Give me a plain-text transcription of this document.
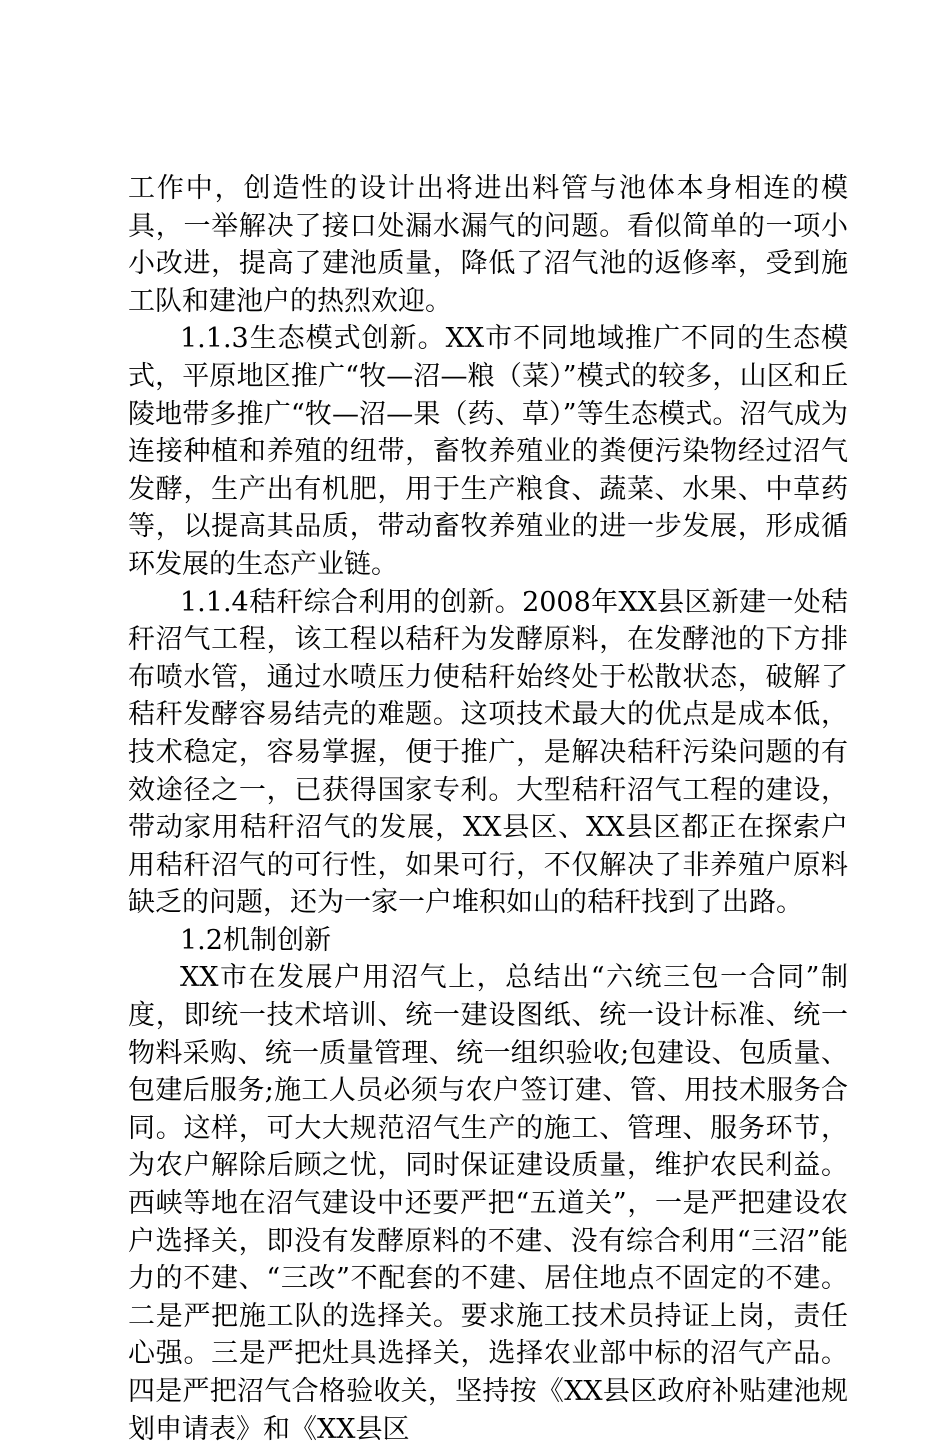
工作中，创造性的设计出将进出料管与池体本身相连的模具，一举解决了接口处漏水漏气的问题。看似简单的一项小小改进，提高了建池质量，降低了沼气池的返修率，受到施工队和建池户的热烈欢迎。

1.1.3生态模式创新。XX市不同地域推广不同的生态模式，平原地区推广“牧—沼—粮（菜）”模式的较多，山区和丘陵地带多推广“牧—沼—果（药、草）”等生态模式。沼气成为连接种植和养殖的纽带，畜牧养殖业的粪便污染物经过沼气发酵，生产出有机肥，用于生产粮食、蔬菜、水果、中草药等，以提高其品质，带动畜牧养殖业的进一步发展，形成循环发展的生态产业链。

1.1.4秸秆综合利用的创新。2008年XX县区新建一处秸秆沼气工程，该工程以秸秆为发酵原料，在发酵池的下方排布喷水管，通过水喷压力使秸秆始终处于松散状态，破解了秸秆发酵容易结壳的难题。这项技术最大的优点是成本低，技术稳定，容易掌握，便于推广，是解决秸秆污染问题的有效途径之一，已获得国家专利。大型秸秆沼气工程的建设，带动家用秸秆沼气的发展，XX县区、XX县区都正在探索户用秸秆沼气的可行性，如果可行，不仅解决了非养殖户原料缺乏的问题，还为一家一户堆积如山的秸秆找到了出路。

1.2机制创新

XX市在发展户用沼气上，总结出“六统三包一合同”制度，即统一技术培训、统一建设图纸、统一设计标准、统一物料采购、统一质量管理、统一组织验收;包建设、包质量、包建后服务;施工人员必须与农户签订建、管、用技术服务合同。这样，可大大规范沼气生产的施工、管理、服务环节，为农户解除后顾之忧，同时保证建设质量，维护农民利益。西峡等地在沼气建设中还要严把“五道关”，一是严把建设农户选择关，即没有发酵原料的不建、没有综合利用“三沼”能力的不建、“三改”不配套的不建、居住地点不固定的不建。二是严把施工队的选择关。要求施工技术员持证上岗，责任心强。三是严把灶具选择关，选择农业部中标的沼气产品。四是严把沼气合格验收关，坚持按《XX县区政府补贴建池规划申请表》和《XX县区
